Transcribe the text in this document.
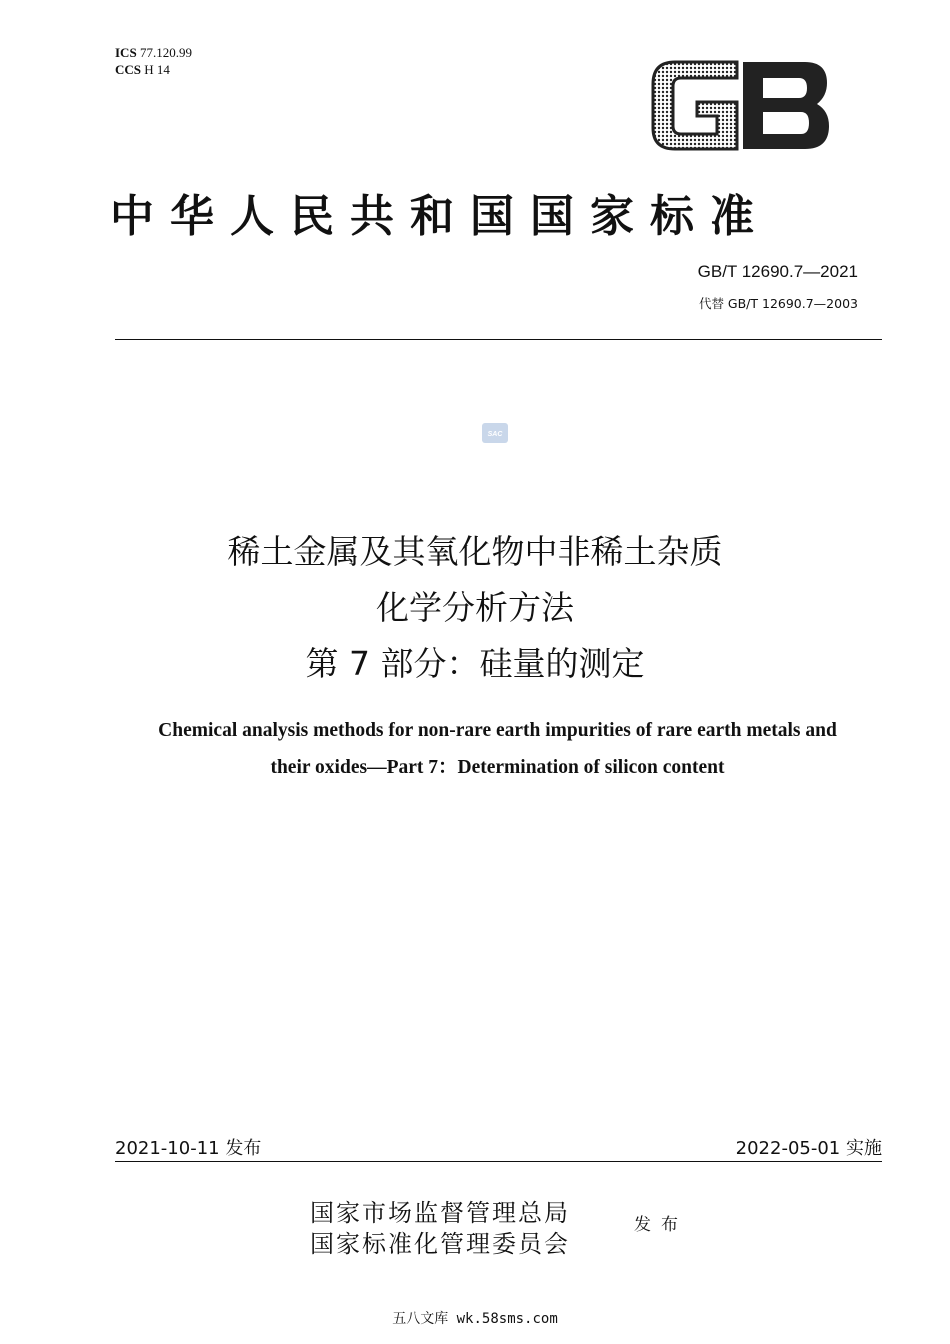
ICS 77.120.99
CCS H 14
GB
中华人民共和国国家标准
GB/T 12690.7—2021
代替 GB/T 12690.7—2003
SAC
稀土金属及其氧化物中非稀土杂质
化学分析方法
第 7 部分：硅量的测定
Chemical analysis methods for non-rare earth impurities of rare earth metals and
their oxides—Part 7：Determination of silicon content
2021-10-11 发布	2022-05-01 实施
国家市场监督管理总局
国家标准化管理委员会
发布
五八文库 wk.58sms.com
